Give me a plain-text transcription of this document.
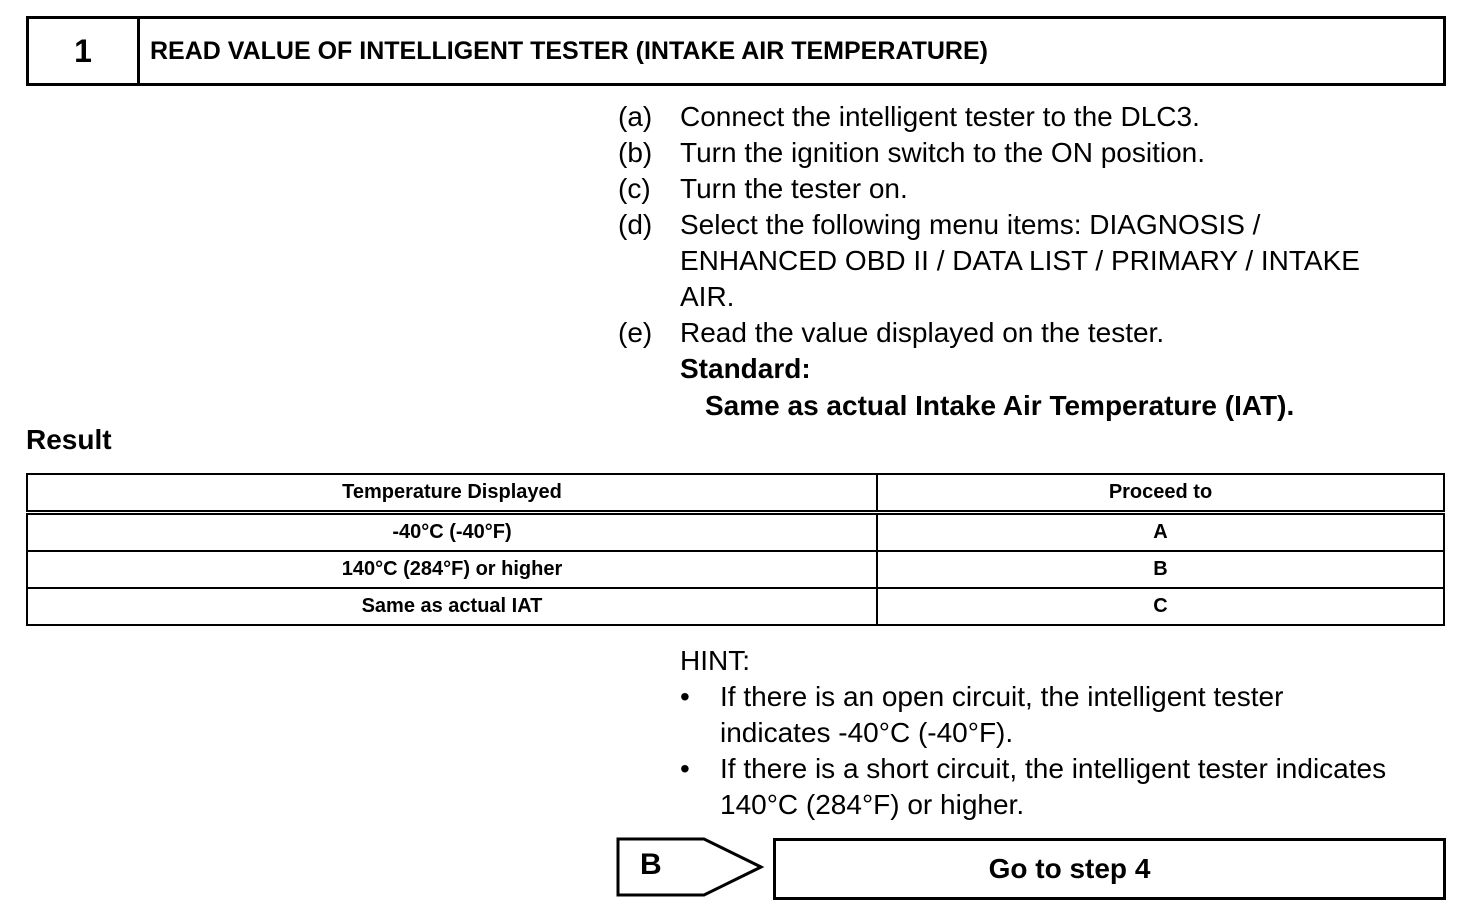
1	READ VALUE OF INTELLIGENT TESTER (INTAKE AIR TEMPERATURE)
(a) Connect the intelligent tester to the DLC3.
(b) Turn the ignition switch to the ON position.
(c) Turn the tester on.
(d) Select the following menu items: DIAGNOSIS /
ENHANCED OBD II / DATA LIST / PRIMARY / INTAKE
AIR.
(e) Read the value displayed on the tester.
Standard:
Same as actual Intake Air Temperature (IAT).
Result
Temperature Displayed	Proceed to
-40°C (-40°F)	A
140°C (284°F) or higher	B
Same as actual IAT	C
HINT:
• If there is an open circuit, the intelligent tester
indicates -40°C (-40°F).
• If there is a short circuit, the intelligent tester indicates
140°C (284°F) or higher.
B	Go to step 4
